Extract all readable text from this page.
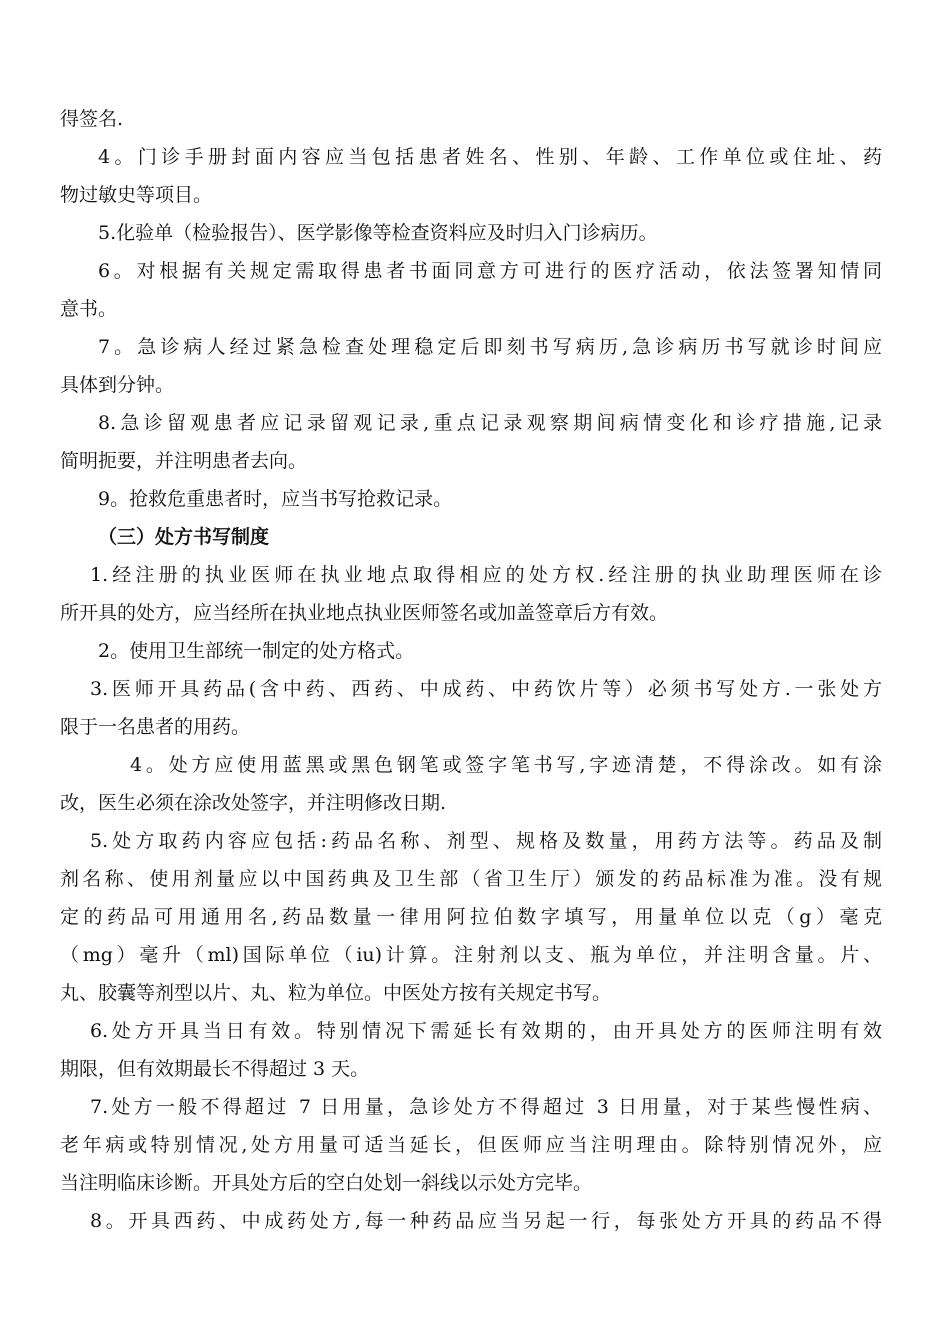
得签名.
4。门诊手册封面内容应当包括患者姓名、性别、年龄、工作单位或住址、药
物过敏史等项目。
5.化验单（检验报告）、医学影像等检查资料应及时归入门诊病历。
6。对根据有关规定需取得患者书面同意方可进行的医疗活动，依法签署知情同
意书。
7。急诊病人经过紧急检查处理稳定后即刻书写病历,急诊病历书写就诊时间应
具体到分钟。
8.急诊留观患者应记录留观记录,重点记录观察期间病情变化和诊疗措施,记录
简明扼要，并注明患者去向。
9。抢救危重患者时，应当书写抢救记录。
（三）处方书写制度
1.经注册的执业医师在执业地点取得相应的处方权.经注册的执业助理医师在诊
所开具的处方，应当经所在执业地点执业医师签名或加盖签章后方有效。
2。使用卫生部统一制定的处方格式。
3.医师开具药品(含中药、西药、中成药、中药饮片等）必须书写处方.一张处方
限于一名患者的用药。
4。处方应使用蓝黑或黑色钢笔或签字笔书写,字迹清楚，不得涂改。如有涂
改，医生必须在涂改处签字，并注明修改日期.
5.处方取药内容应包括:药品名称、剂型、规格及数量，用药方法等。药品及制
剂名称、使用剂量应以中国药典及卫生部（省卫生厅）颁发的药品标准为准。没有规
定的药品可用通用名,药品数量一律用阿拉伯数字填写，用量单位以克（g）毫克
（mg）毫升（ml)国际单位（iu)计算。注射剂以支、瓶为单位，并注明含量。片、
丸、胶囊等剂型以片、丸、粒为单位。中医处方按有关规定书写。
6.处方开具当日有效。特别情况下需延长有效期的，由开具处方的医师注明有效
期限，但有效期最长不得超过 3 天。
7.处方一般不得超过 7 日用量，急诊处方不得超过 3 日用量，对于某些慢性病、
老年病或特别情况,处方用量可适当延长，但医师应当注明理由。除特别情况外，应
当注明临床诊断。开具处方后的空白处划一斜线以示处方完毕。
8。开具西药、中成药处方,每一种药品应当另起一行，每张处方开具的药品不得
